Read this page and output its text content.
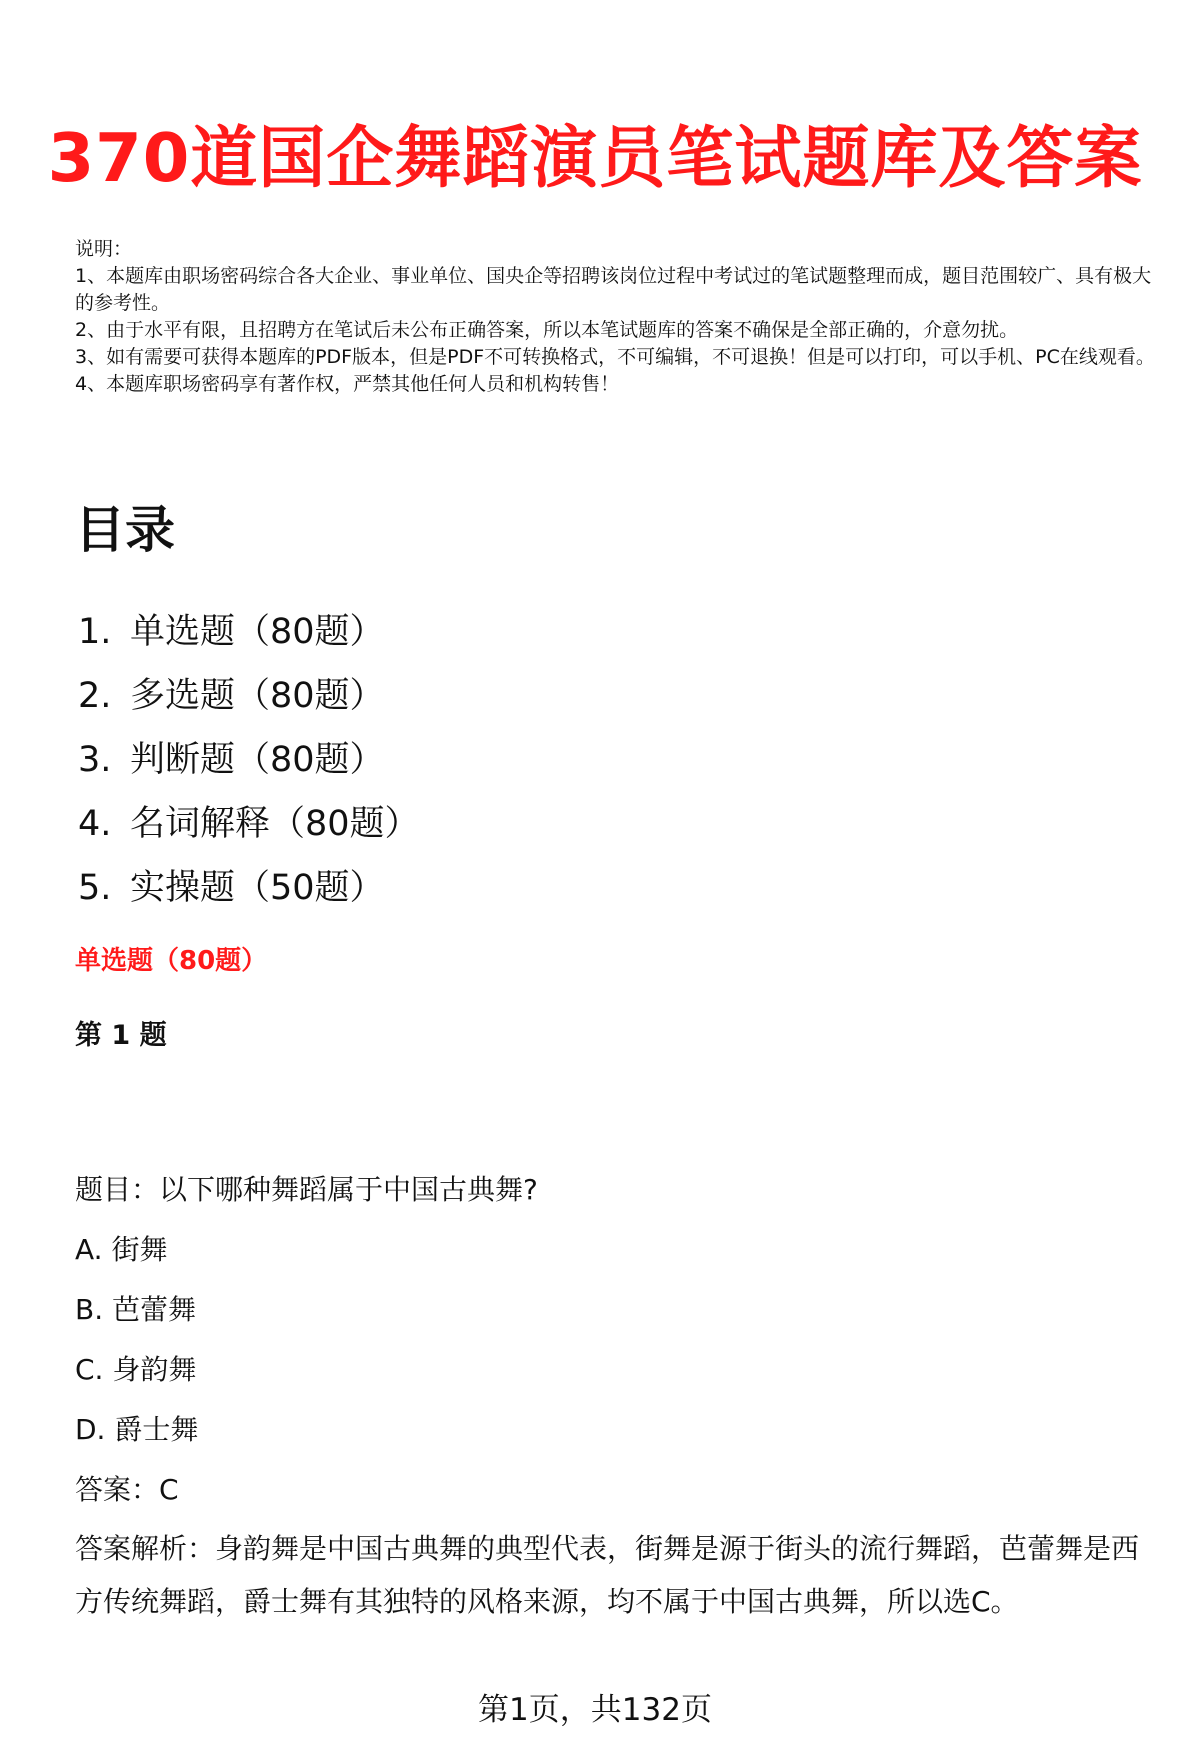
370道国企舞蹈演员笔试题库及答案

说明：

1、本题库由职场密码综合各大企业、事业单位、国央企等招聘该岗位过程中考试过的笔试题整理而成，题目范围较广、具有极大的参考性。

2、由于水平有限，且招聘方在笔试后未公布正确答案，所以本笔试题库的答案不确保是全部正确的，介意勿扰。

3、如有需要可获得本题库的PDF版本，但是PDF不可转换格式，不可编辑，不可退换！但是可以打印，可以手机、PC在线观看。

4、本题库职场密码享有著作权，严禁其他任何人员和机构转售！

目录
1. 单选题（80题）
2. 多选题（80题）
3. 判断题（80题）
4. 名词解释（80题）
5. 实操题（50题）
单选题（80题）
第 1 题
题目：以下哪种舞蹈属于中国古典舞?
A. 街舞
B. 芭蕾舞
C. 身韵舞
D. 爵士舞
答案：C
答案解析：身韵舞是中国古典舞的典型代表，街舞是源于街头的流行舞蹈，芭蕾舞是西方传统舞蹈，爵士舞有其独特的风格来源，均不属于中国古典舞，所以选C。
第1页，共132页
